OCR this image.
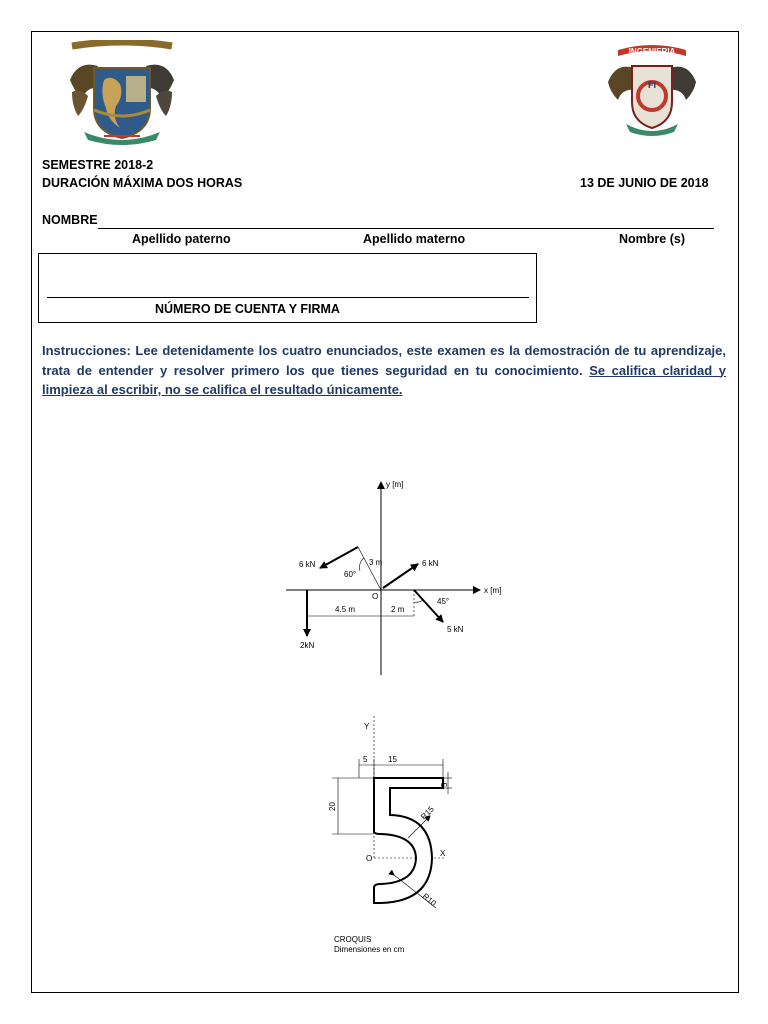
INGENIERIA
FI
SEMESTRE 2018-2
DURACIÓN MÁXIMA DOS HORAS	13 DE JUNIO DE 2018
NOMBRE
Apellido paterno	Apellido materno	Nombre (s)
NÚMERO DE CUENTA Y FIRMA
Instrucciones: Lee detenidamente los cuatro enunciados, este examen es la demostración de tu aprendizaje, trata de entender y resolver primero los que tienes seguridad en tu conocimiento. Se califica claridad y limpieza al escribir, no se califica el resultado únicamente.
y [m]
x [m]
O
6 kN
60°
3 m	6 kN
2kN
45°
5 kN
4.5 m	2 m
Y
X
O
5	15
5
20	R15
R10
CROQUIS
Dimensiones en cm
